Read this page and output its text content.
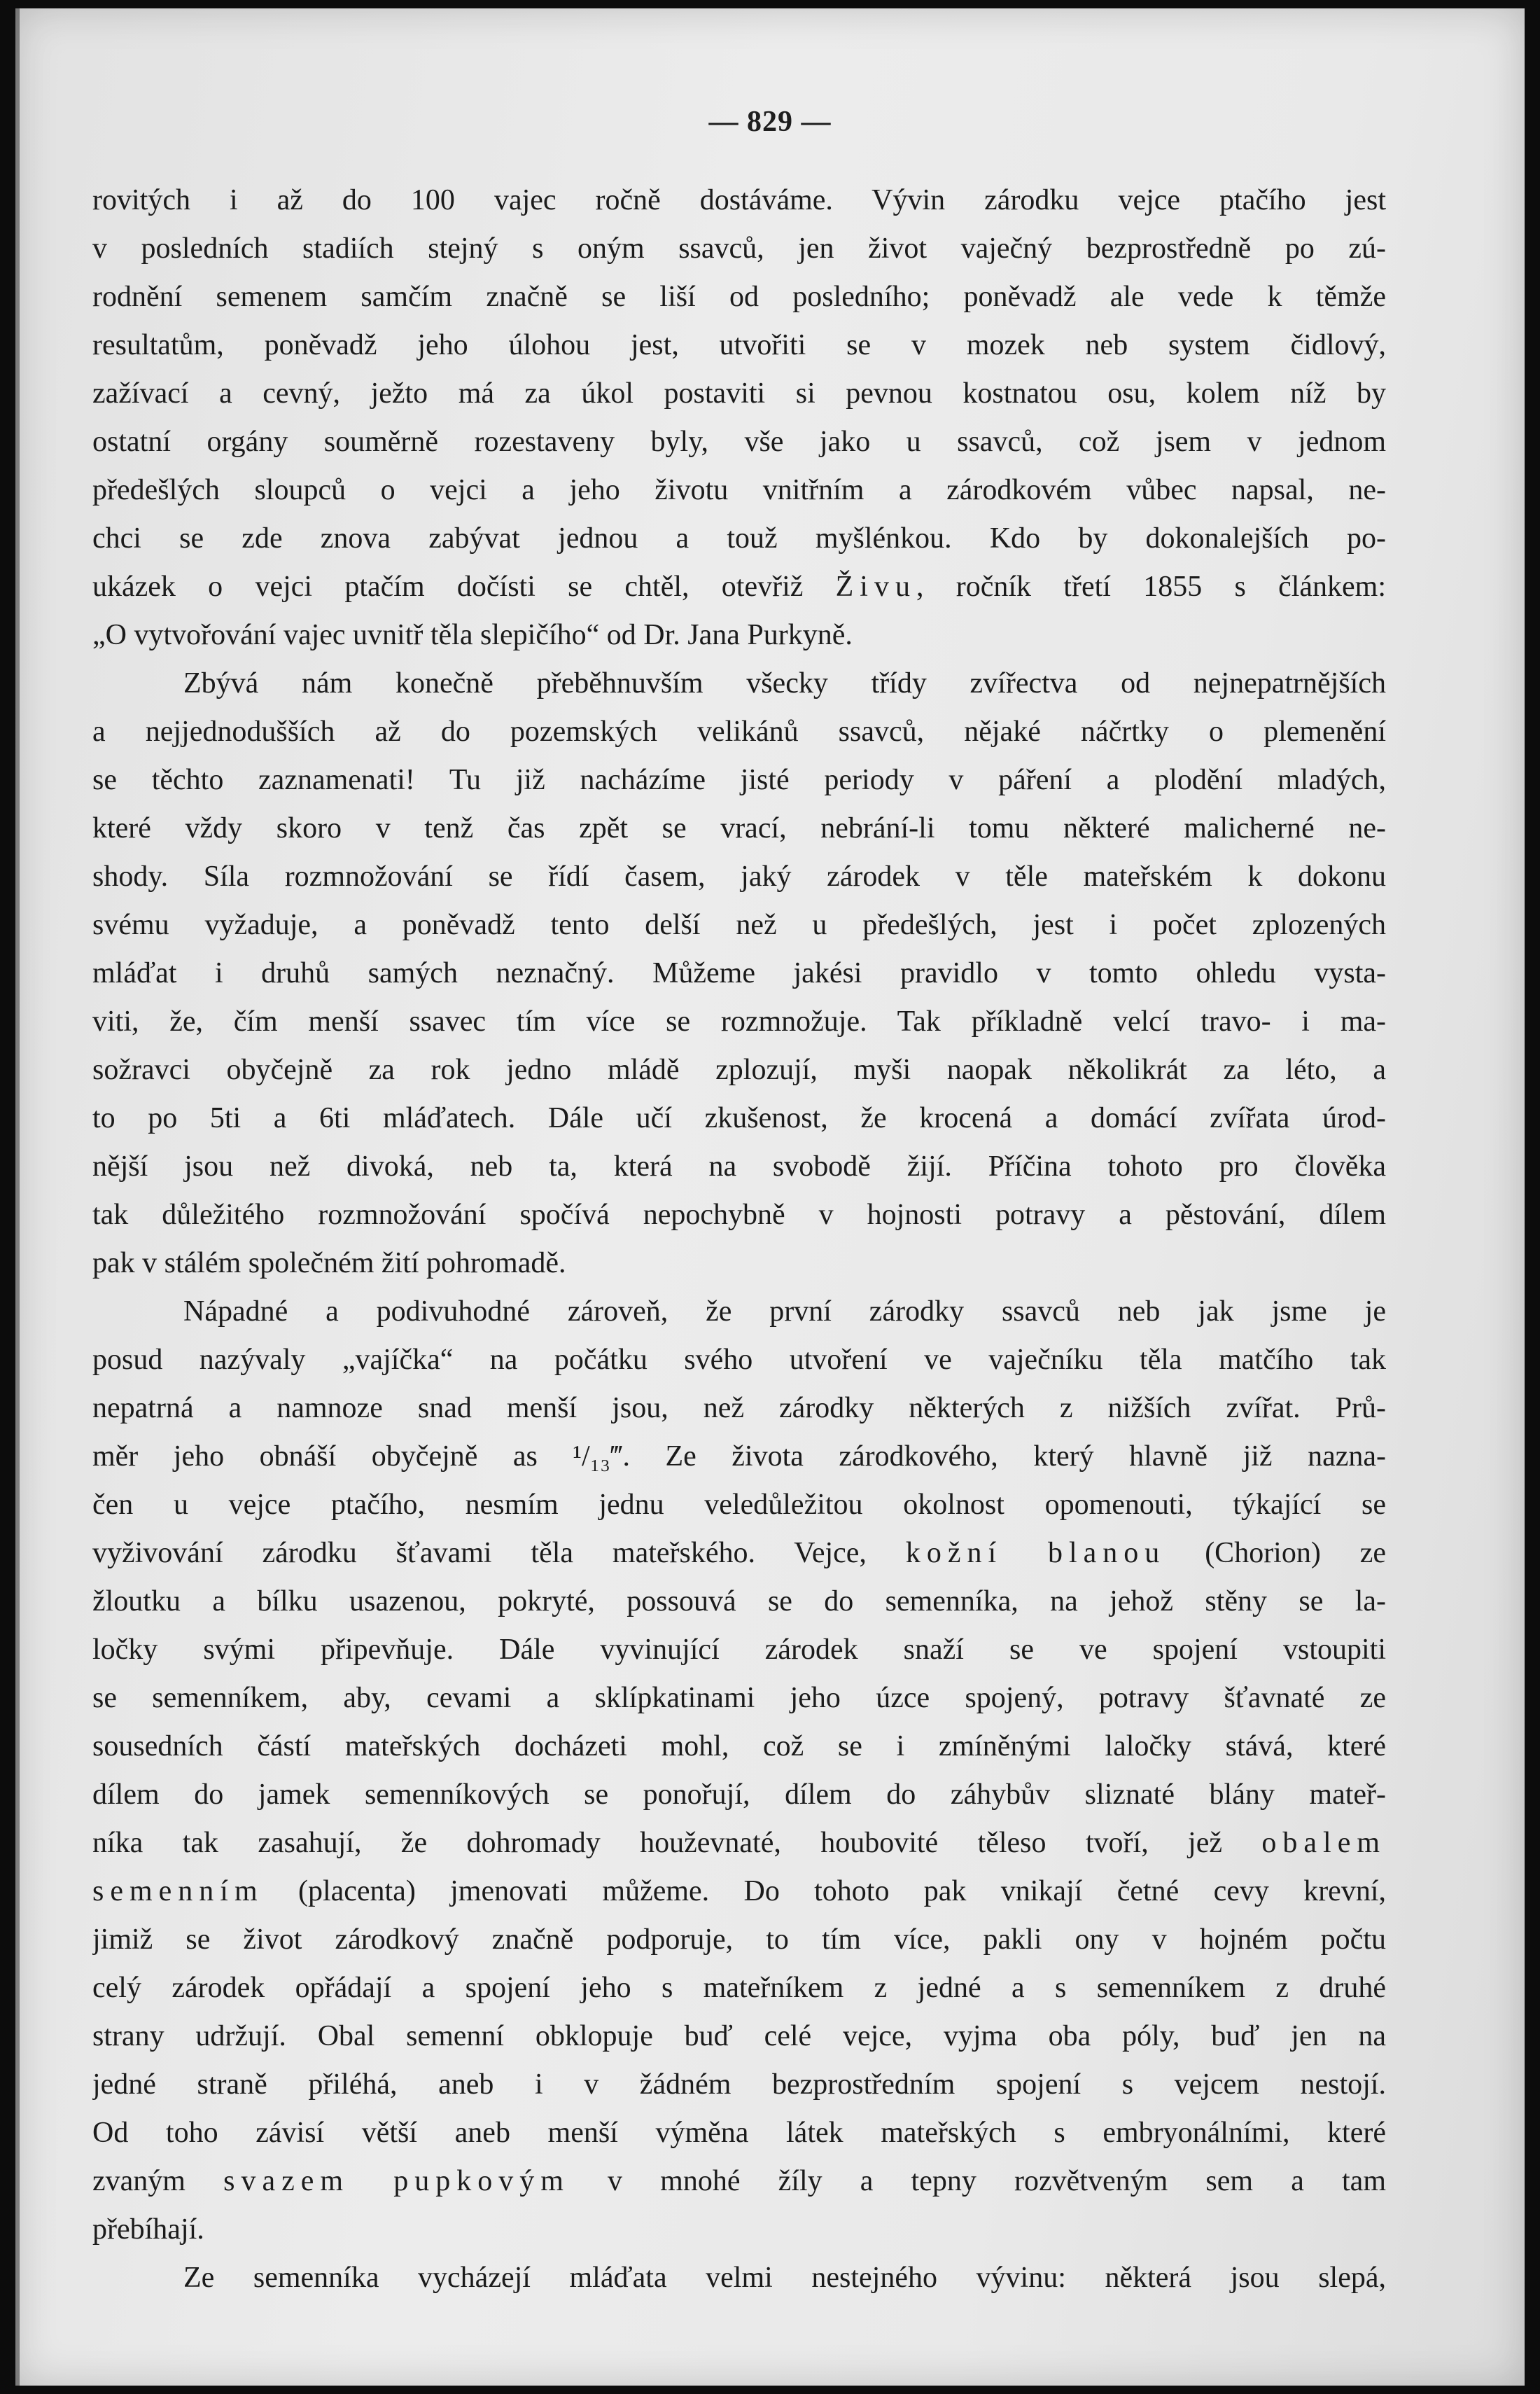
— 829 —
rovitých i až do 100 vajec ročně dostáváme. Vývin zárodku vejce ptačího jest
v posledních stadiích stejný s oným ssavců, jen život vaječný bezprostředně po zú-
rodnění semenem samčím značně se liší od posledního; poněvadž ale vede k těmže
resultatům, poněvadž jeho úlohou jest, utvořiti se v mozek neb system čidlový,
zažívací a cevný, ježto má za úkol postaviti si pevnou kostnatou osu, kolem níž by
ostatní orgány souměrně rozestaveny byly, vše jako u ssavců, což jsem v jednom
předešlých sloupců o vejci a jeho životu vnitřním a zárodkovém vůbec napsal, ne-
chci se zde znova zabývat jednou a touž myšlénkou. Kdo by dokonalejších po-
ukázek o vejci ptačím dočísti se chtěl, otevřiž Živu, ročník třetí 1855 s článkem:
„O vytvořování vajec uvnitř těla slepičího“ od Dr. Jana Purkyně.
Zbývá nám konečně přeběhnuvším všecky třídy zvířectva od nejnepatrnějších
a nejjednodušších až do pozemských velikánů ssavců, nějaké náčrtky o plemenění
se těchto zaznamenati! Tu již nacházíme jisté periody v páření a plodění mladých,
které vždy skoro v tenž čas zpět se vrací, nebrání-li tomu některé malicherné ne-
shody. Síla rozmnožování se řídí časem, jaký zárodek v těle mateřském k dokonu
svému vyžaduje, a poněvadž tento delší než u předešlých, jest i počet zplozených
mláďat i druhů samých neznačný. Můžeme jakési pravidlo v tomto ohledu vysta-
viti, že, čím menší ssavec tím více se rozmnožuje. Tak příkladně velcí travo- i ma-
sožravci obyčejně za rok jedno mládě zplozují, myši naopak několikrát za léto, a
to po 5ti a 6ti mláďatech. Dále učí zkušenost, že krocená a domácí zvířata úrod-
nější jsou než divoká, neb ta, která na svobodě žijí. Příčina tohoto pro člověka
tak důležitého rozmnožování spočívá nepochybně v hojnosti potravy a pěstování, dílem
pak v stálém společném žití pohromadě.
Nápadné a podivuhodné zároveň, že první zárodky ssavců neb jak jsme je
posud nazývaly „vajíčka“ na počátku svého utvoření ve vaječníku těla matčího tak
nepatrná a namnoze snad menší jsou, než zárodky některých z nižších zvířat. Prů-
měr jeho obnáší obyčejně as ¹/₁₃‴. Ze života zárodkového, který hlavně již nazna-
čen u vejce ptačího, nesmím jednu veledůležitou okolnost opomenouti, týkající se
vyživování zárodku šťavami těla mateřského. Vejce, kožní blanou (Chorion) ze
žloutku a bílku usazenou, pokryté, possouvá se do semenníka, na jehož stěny se la-
ločky svými připevňuje. Dále vyvinující zárodek snaží se ve spojení vstoupiti
se semenníkem, aby, cevami a sklípkatinami jeho úzce spojený, potravy šťavnaté ze
sousedních částí mateřských docházeti mohl, což se i zmíněnými laločky stává, které
dílem do jamek semenníkových se ponořují, dílem do záhybův sliznaté blány mateř-
níka tak zasahují, že dohromady houževnaté, houbovité těleso tvoří, jež obalem
semenním (placenta) jmenovati můžeme. Do tohoto pak vnikají četné cevy krevní,
jimiž se život zárodkový značně podporuje, to tím více, pakli ony v hojném počtu
celý zárodek opřádají a spojení jeho s mateřníkem z jedné a s semenníkem z druhé
strany udržují. Obal semenní obklopuje buď celé vejce, vyjma oba póly, buď jen na
jedné straně přiléhá, aneb i v žádném bezprostředním spojení s vejcem nestojí.
Od toho závisí větší aneb menší výměna látek mateřských s embryonálními, které
zvaným svazem pupkovým v mnohé žíly a tepny rozvětveným sem a tam
přebíhají.
Ze semenníka vycházejí mláďata velmi nestejného vývinu: některá jsou slepá,
